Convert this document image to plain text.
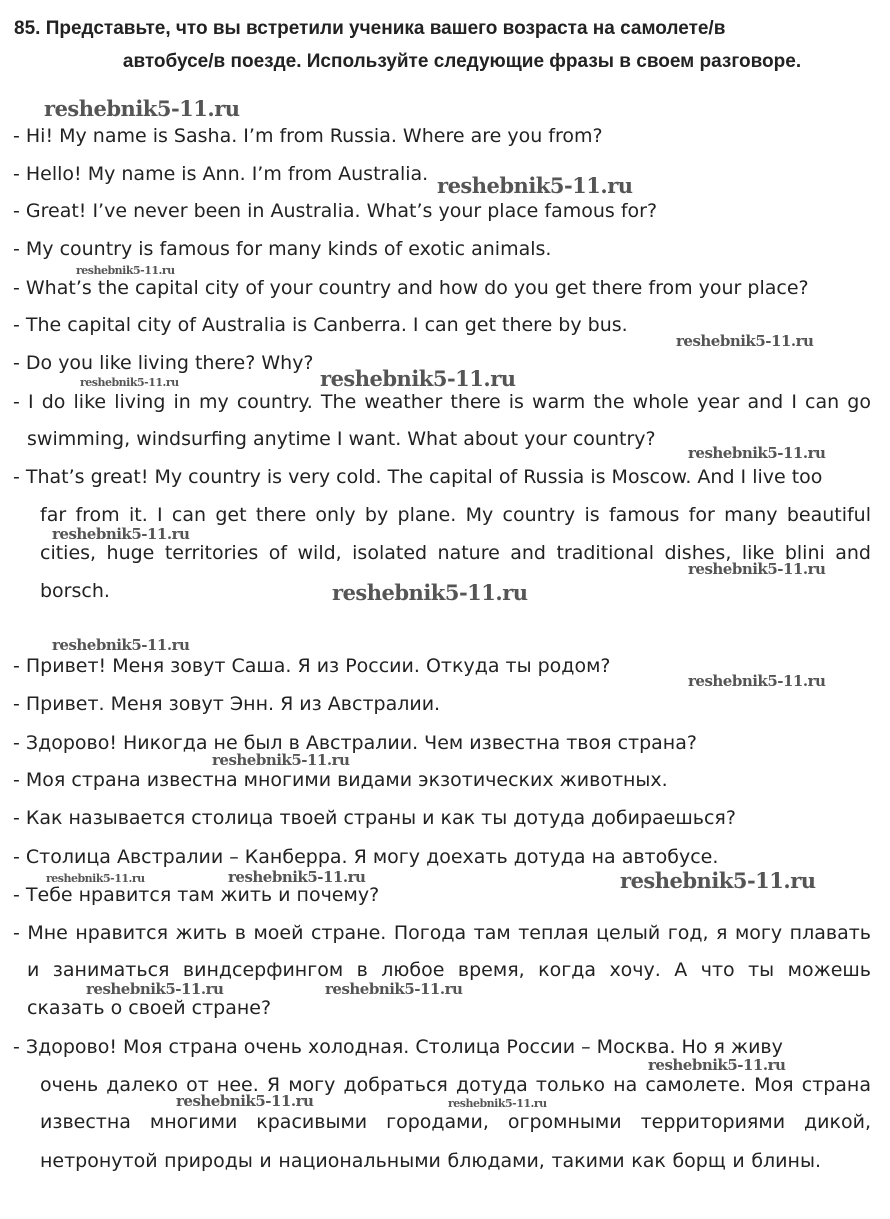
85. Представьте, что вы встретили ученика вашего возраста на самолете/в
автобусе/в поезде. Используйте следующие фразы в своем разговоре.
- Hi! My name is Sasha. I’m from Russia. Where are you from?
- Hello! My name is Ann. I’m from Australia.
- Great! I’ve never been in Australia. What’s your place famous for?
- My country is famous for many kinds of exotic animals.
- What’s the capital city of your country and how do you get there from your place?
- The capital city of Australia is Canberra. I can get there by bus.
- Do you like living there? Why?
- I do like living in my country. The weather there is warm the whole year and I can go
swimming, windsurfing anytime I want. What about your country?
- That’s great! My country is very cold. The capital of Russia is Moscow. And I live too
far from it. I can get there only by plane. My country is famous for many beautiful
cities, huge territories of wild, isolated nature and traditional dishes, like blini and
borsch.
- Привет! Меня зовут Саша. Я из России. Откуда ты родом?
- Привет. Меня зовут Энн. Я из Австралии.
- Здорово! Никогда не был в Австралии. Чем известна твоя страна?
- Моя страна известна многими видами экзотических животных.
- Как называется столица твоей страны и как ты дотуда добираешься?
- Столица Австралии – Канберра. Я могу доехать дотуда на автобусе.
- Тебе нравится там жить и почему?
- Мне нравится жить в моей стране. Погода там теплая целый год, я могу плавать
и заниматься виндсерфингом в любое время, когда хочу. А что ты можешь
сказать о своей стране?
- Здорово! Моя страна очень холодная. Столица России – Москва. Но я живу
очень далеко от нее. Я могу добраться дотуда только на самолете. Моя страна
известна многими красивыми городами, огромными территориями дикой,
нетронутой природы и национальными блюдами, такими как борщ и блины.
reshebnik5-11.ru
reshebnik5-11.ru
reshebnik5-11.ru
reshebnik5-11.ru
reshebnik5-11.ru
reshebnik5-11.ru
reshebnik5-11.ru
reshebnik5-11.ru
reshebnik5-11.ru
reshebnik5-11.ru
reshebnik5-11.ru
reshebnik5-11.ru
reshebnik5-11.ru
reshebnik5-11.ru	reshebnik5-11.ru	reshebnik5-11.ru
reshebnik5-11.ru	reshebnik5-11.ru
reshebnik5-11.ru
reshebnik5-11.ru	reshebnik5-11.ru
